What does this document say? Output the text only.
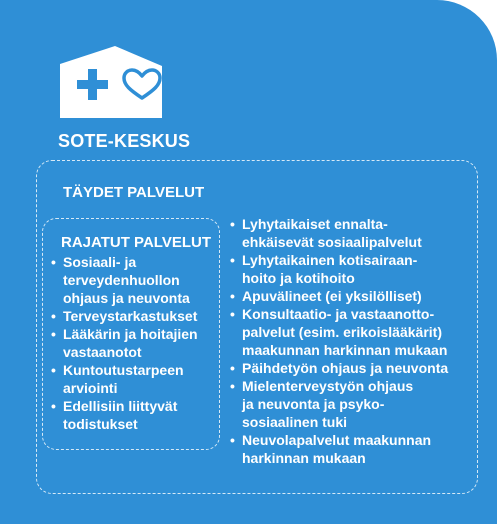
SOTE-KESKUS
TÄYDET PALVELUT
RAJATUT PALVELUT
• Sosiaali- ja
terveydenhuollon
ohjaus ja neuvonta
• Terveystarkastukset
• Lääkärin ja hoitajien
vastaanotot
• Kuntoutustarpeen
arviointi
• Edellisiin liittyvät
todistukset
• Lyhytaikaiset ennalta-
ehkäisevät sosiaalipalvelut
• Lyhytaikainen kotisairaan-
hoito ja kotihoito
• Apuvälineet (ei yksilölliset)
• Konsultaatio- ja vastaanotto-
palvelut (esim. erikoislääkärit)
maakunnan harkinnan mukaan
• Päihdetyön ohjaus ja neuvonta
• Mielenterveystyön ohjaus
ja neuvonta ja psyko-
sosiaalinen tuki
• Neuvolapalvelut maakunnan
harkinnan mukaan
